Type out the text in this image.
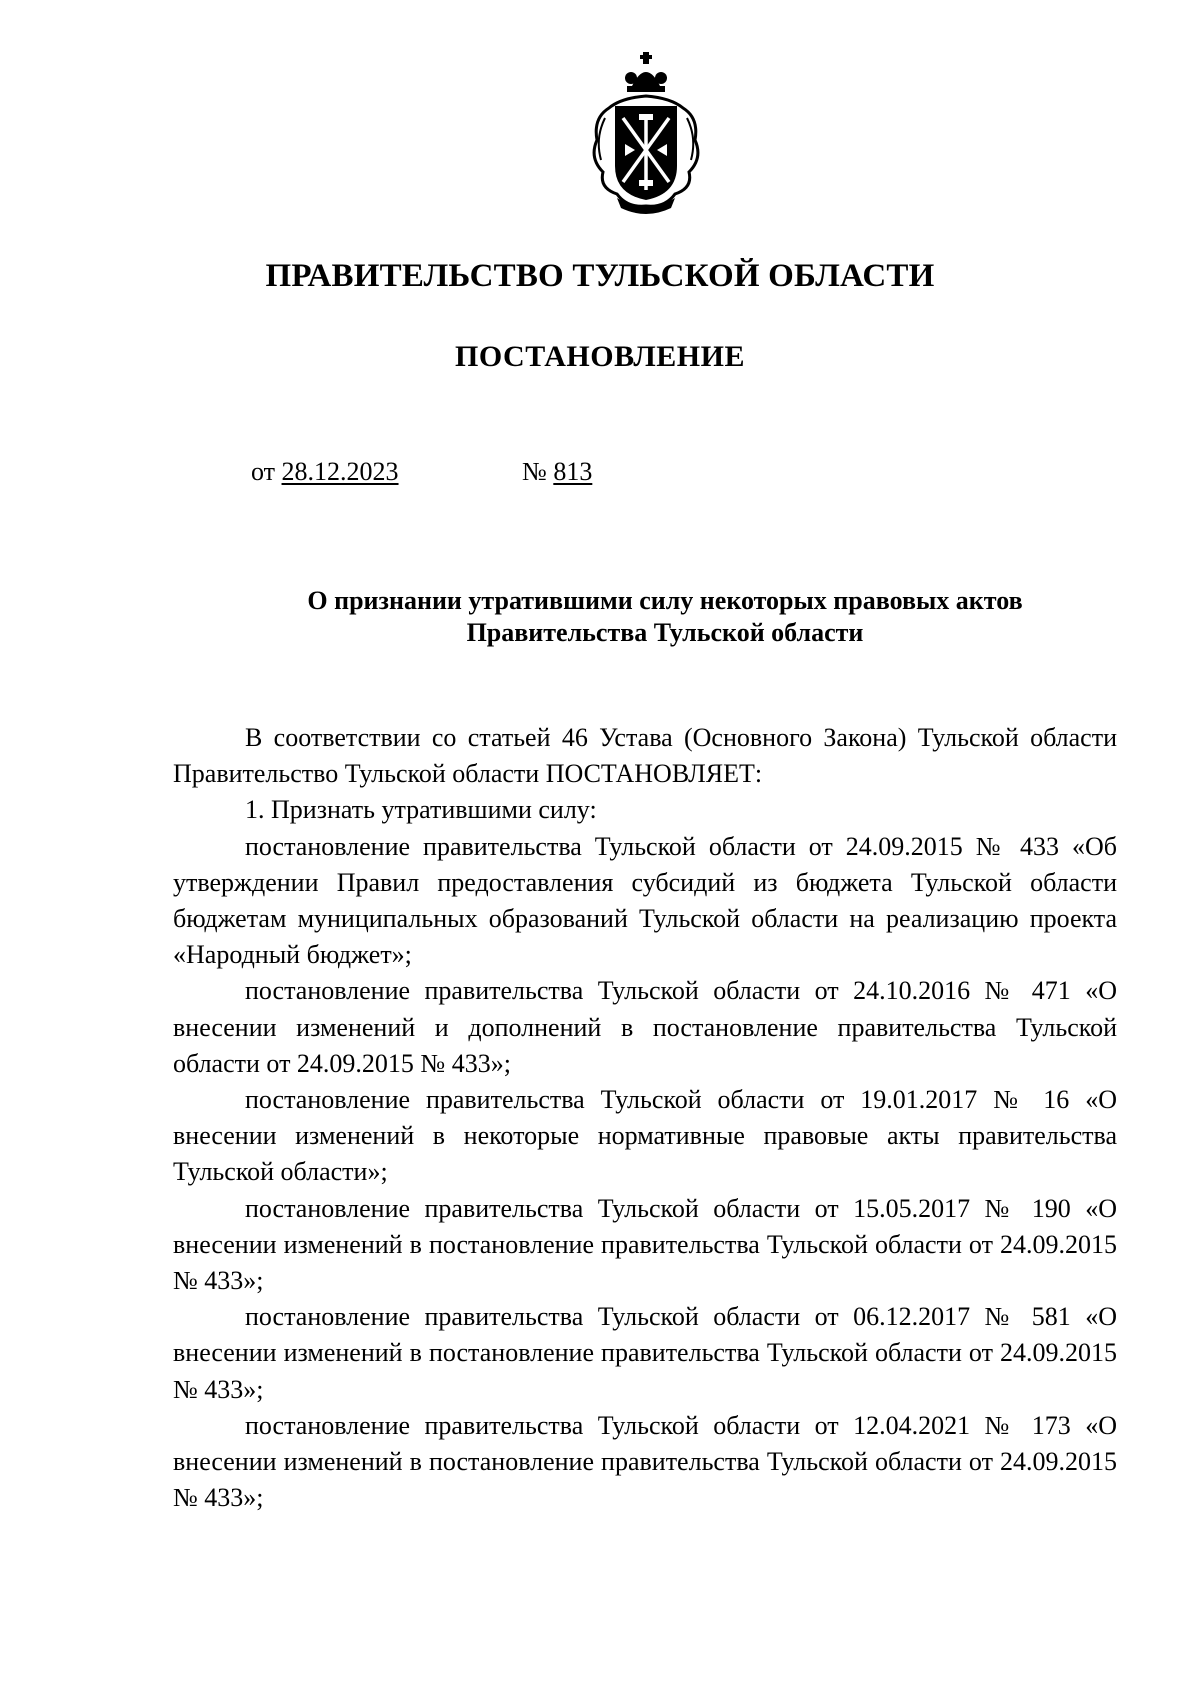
ПРАВИТЕЛЬСТВО ТУЛЬСКОЙ ОБЛАСТИ
ПОСТАНОВЛЕНИЕ
от 28.12.2023	№ 813
О признании утратившими силу некоторых правовых актов
Правительства Тульской области

В соответствии со статьей 46 Устава (Основного Закона) Тульской области Правительство Тульской области ПОСТАНОВЛЯЕТ:

1. Признать утратившими силу:

постановление правительства Тульской области от 24.09.2015 № 433 «Об утверждении Правил предоставления субсидий из бюджета Тульской области бюджетам муниципальных образований Тульской области на реализацию проекта «Народный бюджет»;

постановление правительства Тульской области от 24.10.2016 № 471 «О внесении изменений и дополнений в постановление правительства Тульской области от 24.09.2015 № 433»;

постановление правительства Тульской области от 19.01.2017 № 16 «О внесении изменений в некоторые нормативные правовые акты правительства Тульской области»;

постановление правительства Тульской области от 15.05.2017 № 190 «О внесении изменений в постановление правительства Тульской области от 24.09.2015 № 433»;

постановление правительства Тульской области от 06.12.2017 № 581 «О внесении изменений в постановление правительства Тульской области от 24.09.2015 № 433»;

постановление правительства Тульской области от 12.04.2021 № 173 «О внесении изменений в постановление правительства Тульской области от 24.09.2015 № 433»;
